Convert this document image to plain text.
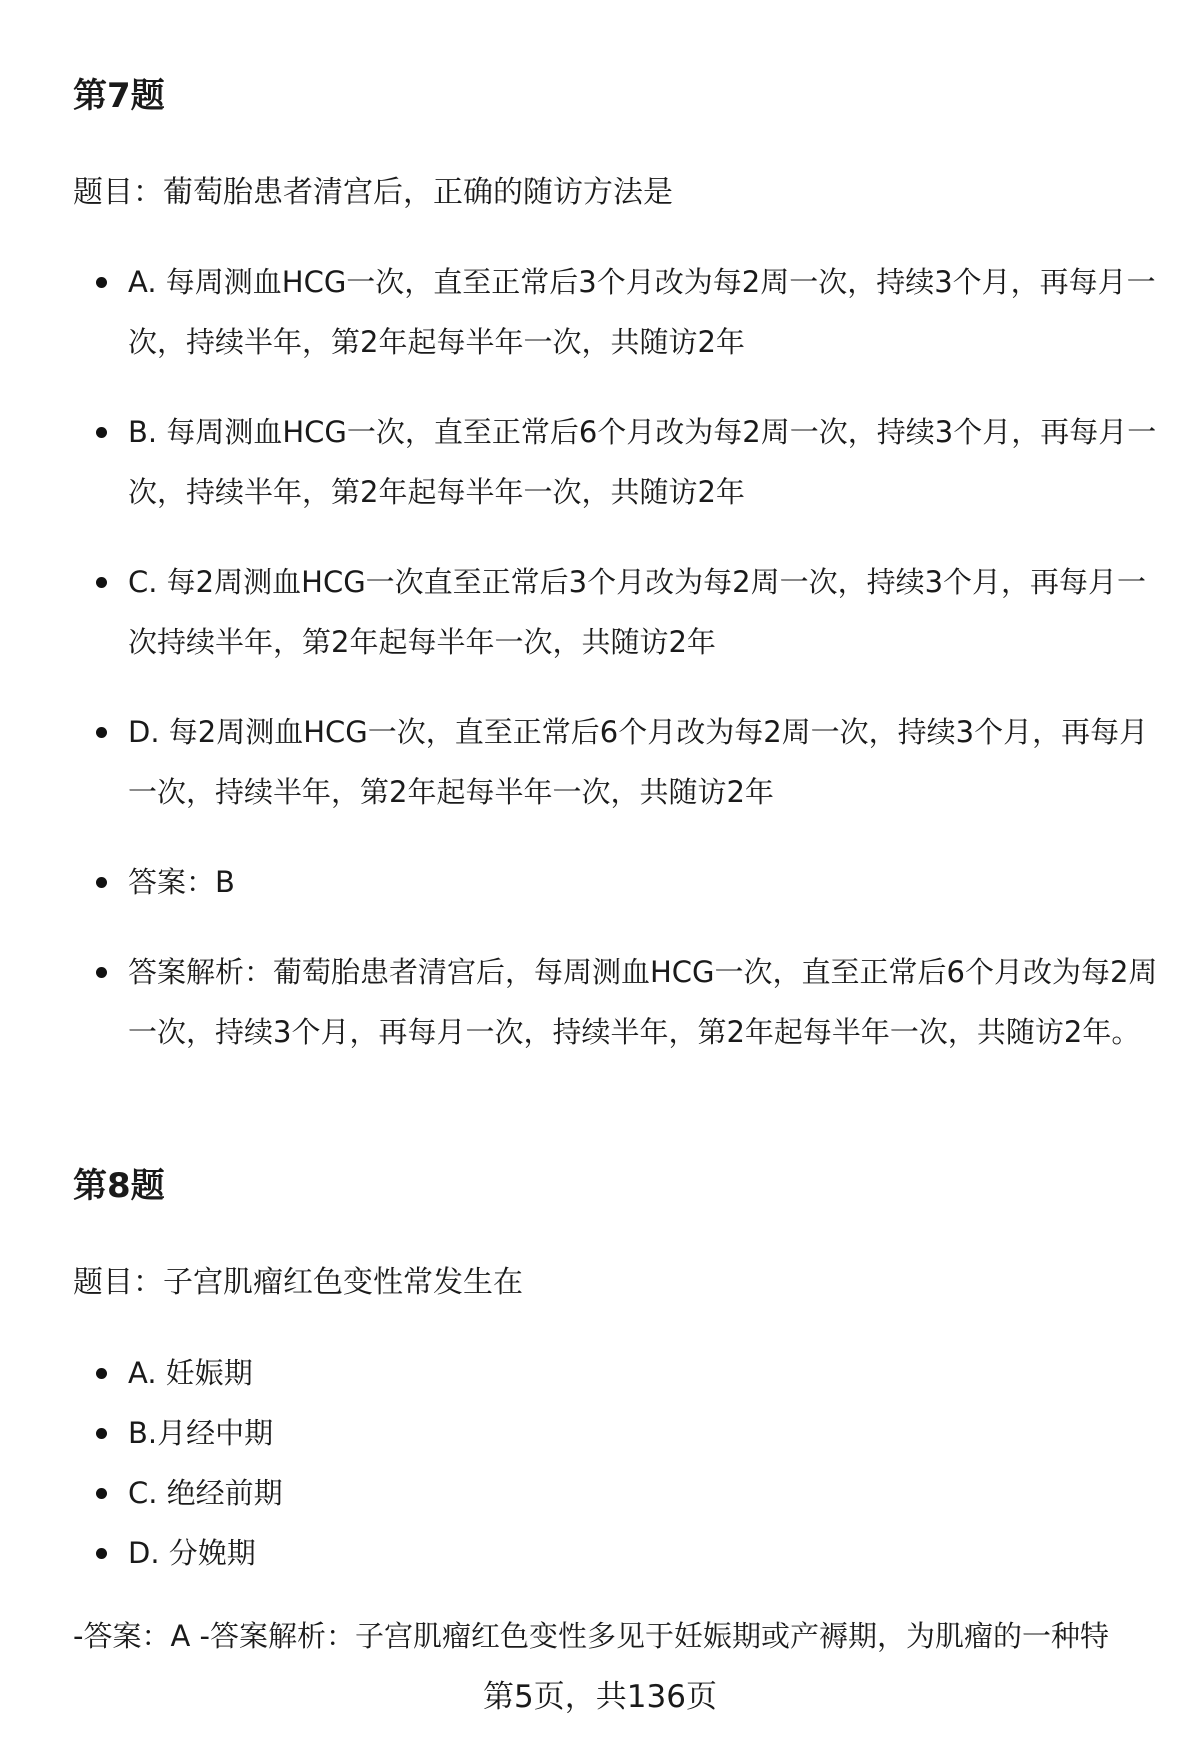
第7题

题目：葡萄胎患者清宫后，正确的随访方法是

A. 每周测血HCG一次，直至正常后3个月改为每2周一次，持续3个月，再每月一次，持续半年，第2年起每半年一次，共随访2年
B. 每周测血HCG一次，直至正常后6个月改为每2周一次，持续3个月，再每月一次，持续半年，第2年起每半年一次，共随访2年
C. 每2周测血HCG一次直至正常后3个月改为每2周一次，持续3个月，再每月一次持续半年，第2年起每半年一次，共随访2年
D. 每2周测血HCG一次，直至正常后6个月改为每2周一次，持续3个月，再每月一次，持续半年，第2年起每半年一次，共随访2年
答案：B
答案解析：葡萄胎患者清宫后，每周测血HCG一次，直至正常后6个月改为每2周一次，持续3个月，再每月一次，持续半年，第2年起每半年一次，共随访2年。
第8题

题目：子宫肌瘤红色变性常发生在

A. 妊娠期
B.月经中期
C. 绝经前期
D. 分娩期
-答案：A -答案解析：子宫肌瘤红色变性多见于妊娠期或产褥期，为肌瘤的一种特
第5页，共136页
